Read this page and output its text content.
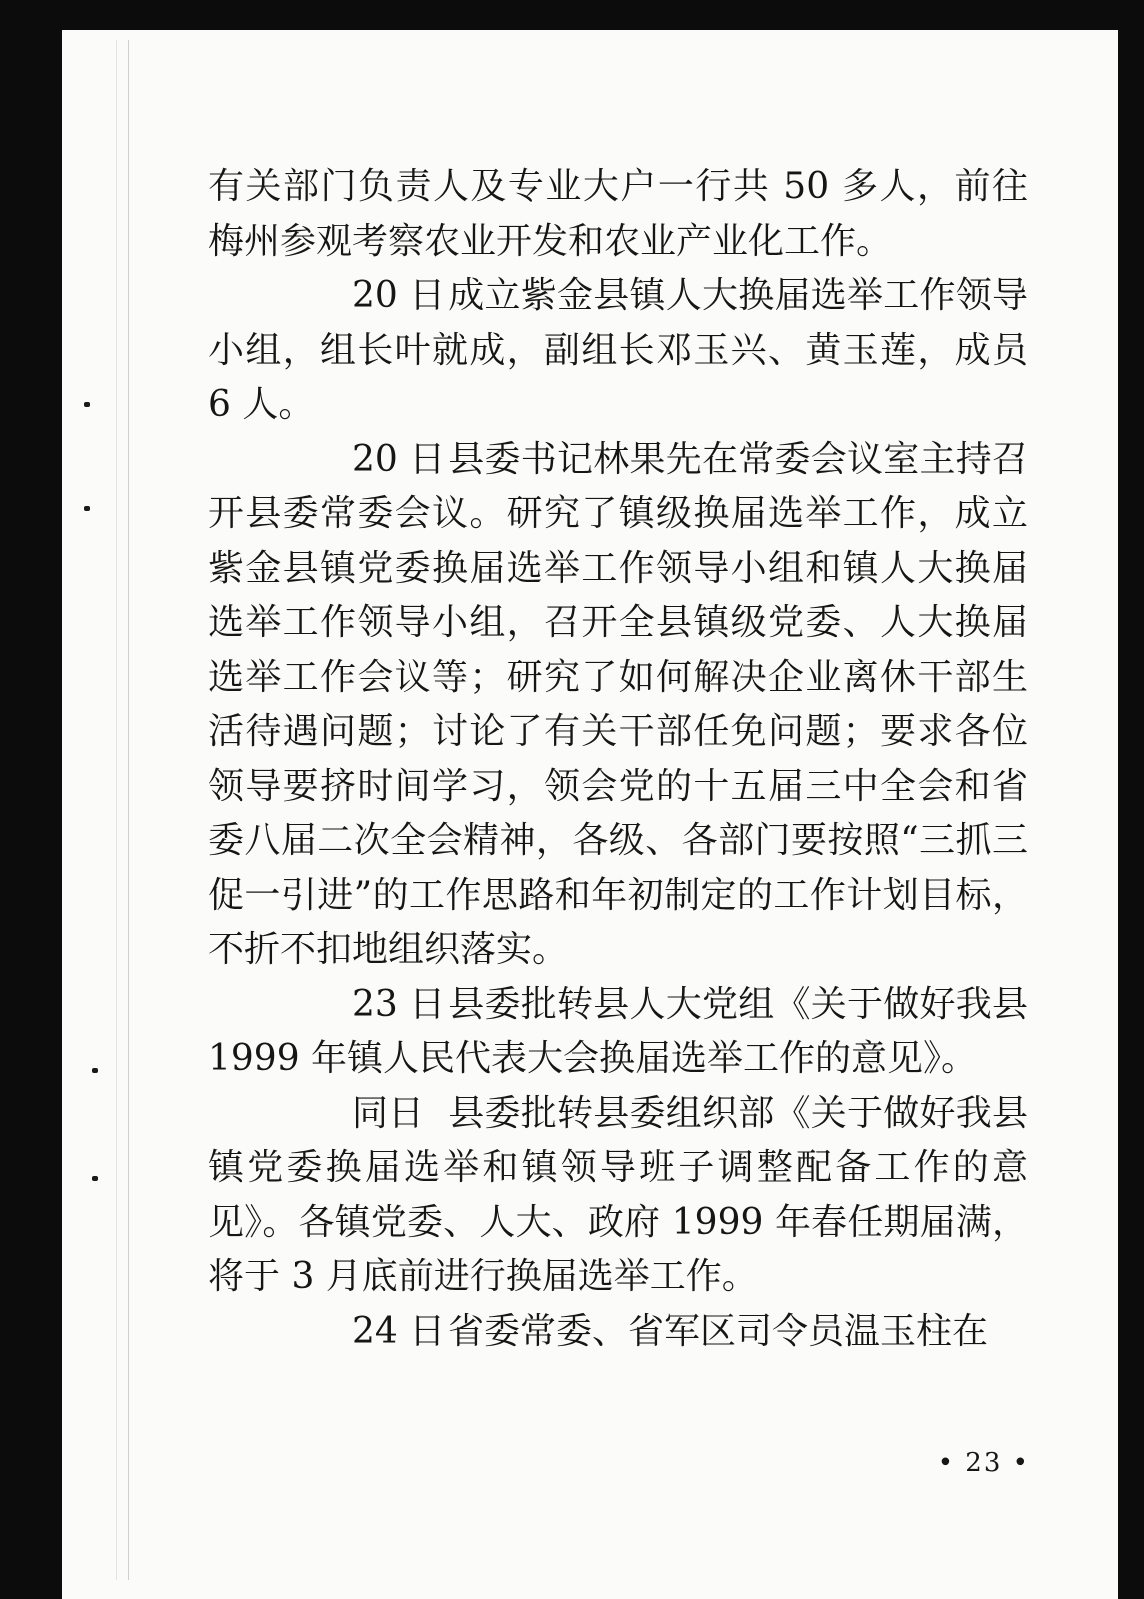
有关部门负责人及专业大户一行共 50 多人，前往梅州参观考察农业开发和农业产业化工作。

20 日成立紫金县镇人大换届选举工作领导小组，组长叶就成，副组长邓玉兴、黄玉莲，成员 6 人。

20 日县委书记林果先在常委会议室主持召开县委常委会议。研究了镇级换届选举工作，成立紫金县镇党委换届选举工作领导小组和镇人大换届选举工作领导小组，召开全县镇级党委、人大换届选举工作会议等；研究了如何解决企业离休干部生活待遇问题；讨论了有关干部任免问题；要求各位领导要挤时间学习，领会党的十五届三中全会和省委八届二次全会精神，各级、各部门要按照“三抓三促一引进”的工作思路和年初制定的工作计划目标，不折不扣地组织落实。

23 日县委批转县人大党组《关于做好我县 1999 年镇人民代表大会换届选举工作的意见》。

同日 县委批转县委组织部《关于做好我县镇党委换届选举和镇领导班子调整配备工作的意见》。各镇党委、人大、政府 1999 年春任期届满，将于 3 月底前进行换届选举工作。

24 日省委常委、省军区司令员温玉柱在

• 23 •
